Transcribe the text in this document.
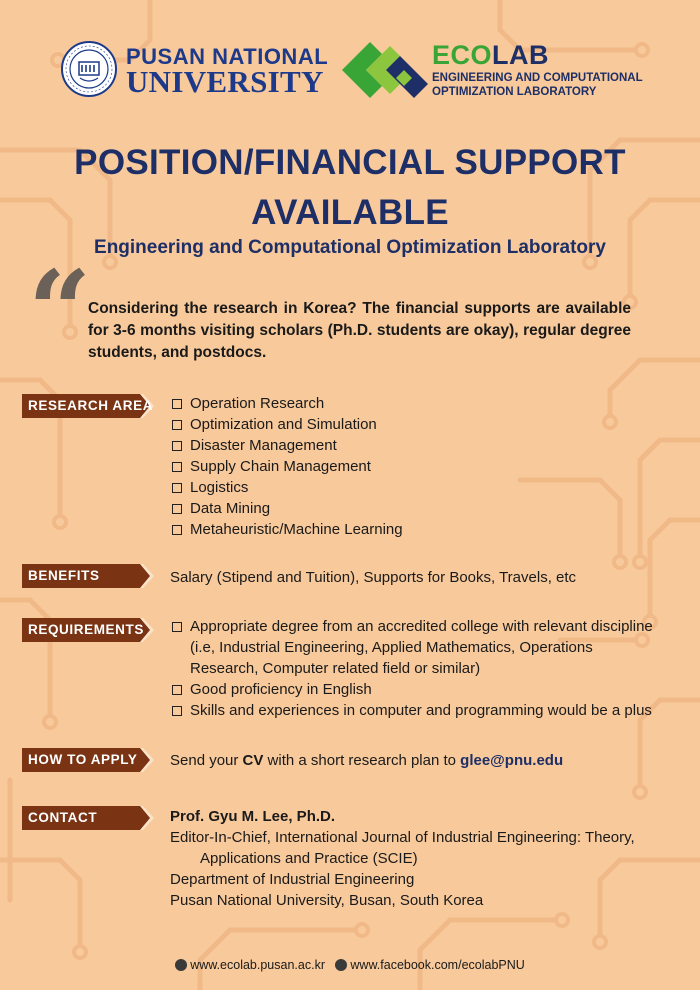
PUSAN NATIONAL
UNIVERSITY
ECOLAB
ENGINEERING AND COMPUTATIONAL
OPTIMIZATION LABORATORY
POSITION/FINANCIAL SUPPORT
AVAILABLE
Engineering and Computational Optimization Laboratory
“
Considering the research in Korea? The financial supports are available for 3-6 months visiting scholars (Ph.D. students are okay), regular degree students, and postdocs.
RESEARCH AREA	Operation Research
Optimization and Simulation
Disaster Management
Supply Chain Management
Logistics
Data Mining
Metaheuristic/Machine Learning
BENEFITS	Salary (Stipend and Tuition), Supports for Books, Travels, etc
REQUIREMENTS	Appropriate degree from an accredited college with relevant discipline (i.e, Industrial Engineering, Applied Mathematics, Operations Research, Computer related field or similar)
Good proficiency in English
Skills and experiences in computer and programming would be a plus
HOW TO APPLY Send your CV with a short research plan to glee@pnu.edu
CONTACT	Prof. Gyu M. Lee, Ph.D.
Editor-In-Chief, International Journal of Industrial Engineering: Theory,
Applications and Practice (SCIE)
Department of Industrial Engineering
Pusan National University, Busan, South Korea
www.ecolab.pusan.ac.kr www.facebook.com/ecolabPNU
